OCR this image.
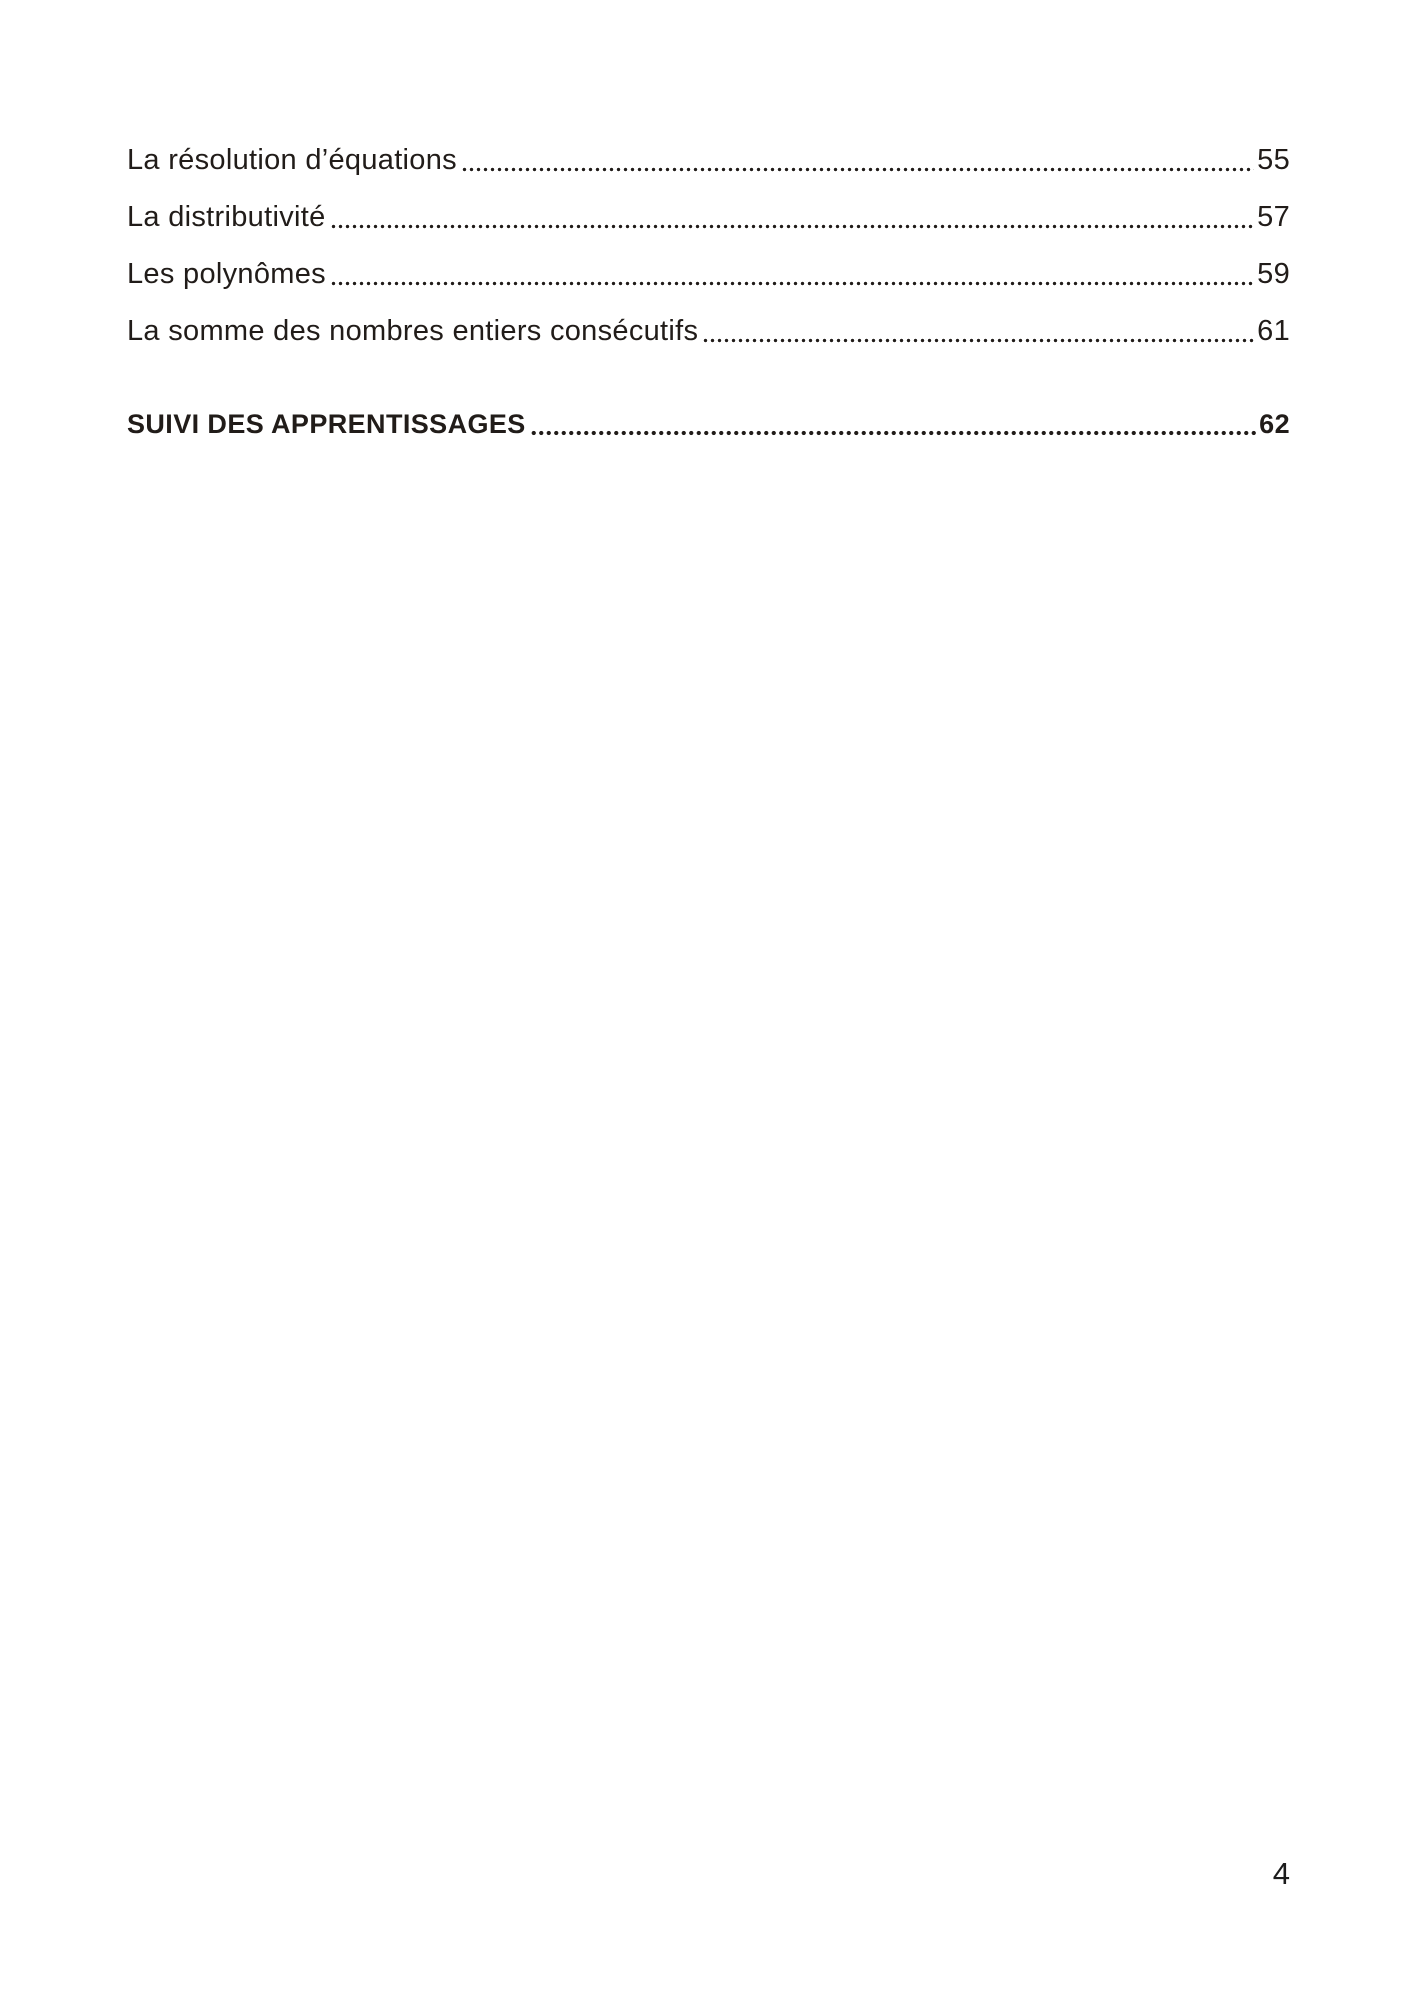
La résolution d’équations	55
La distributivité	57
Les polynômes	59
La somme des nombres entiers consécutifs	61
SUIVI DES APPRENTISSAGES	62
4
